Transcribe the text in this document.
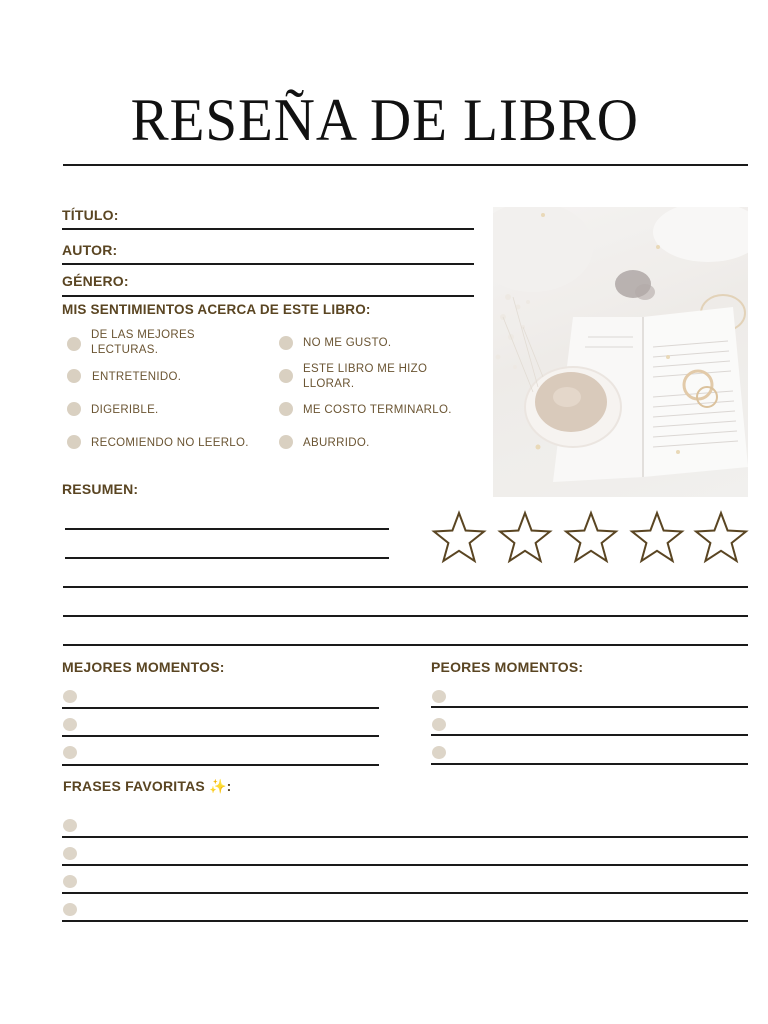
RESEÑA DE LIBRO
TÍTULO:
AUTOR:
GÉNERO:
MIS SENTIMIENTOS ACERCA DE ESTE LIBRO:
DE LAS MEJORES LECTURAS.
NO ME GUSTO.
ENTRETENIDO.
ESTE LIBRO ME HIZO LLORAR.
DIGERIBLE.	ME COSTO TERMINARLO.
RECOMIENDO NO LEERLO.	ABURRIDO.
RESUMEN:
MEJORES MOMENTOS:	PEORES MOMENTOS:
FRASES FAVORITAS ✨:
